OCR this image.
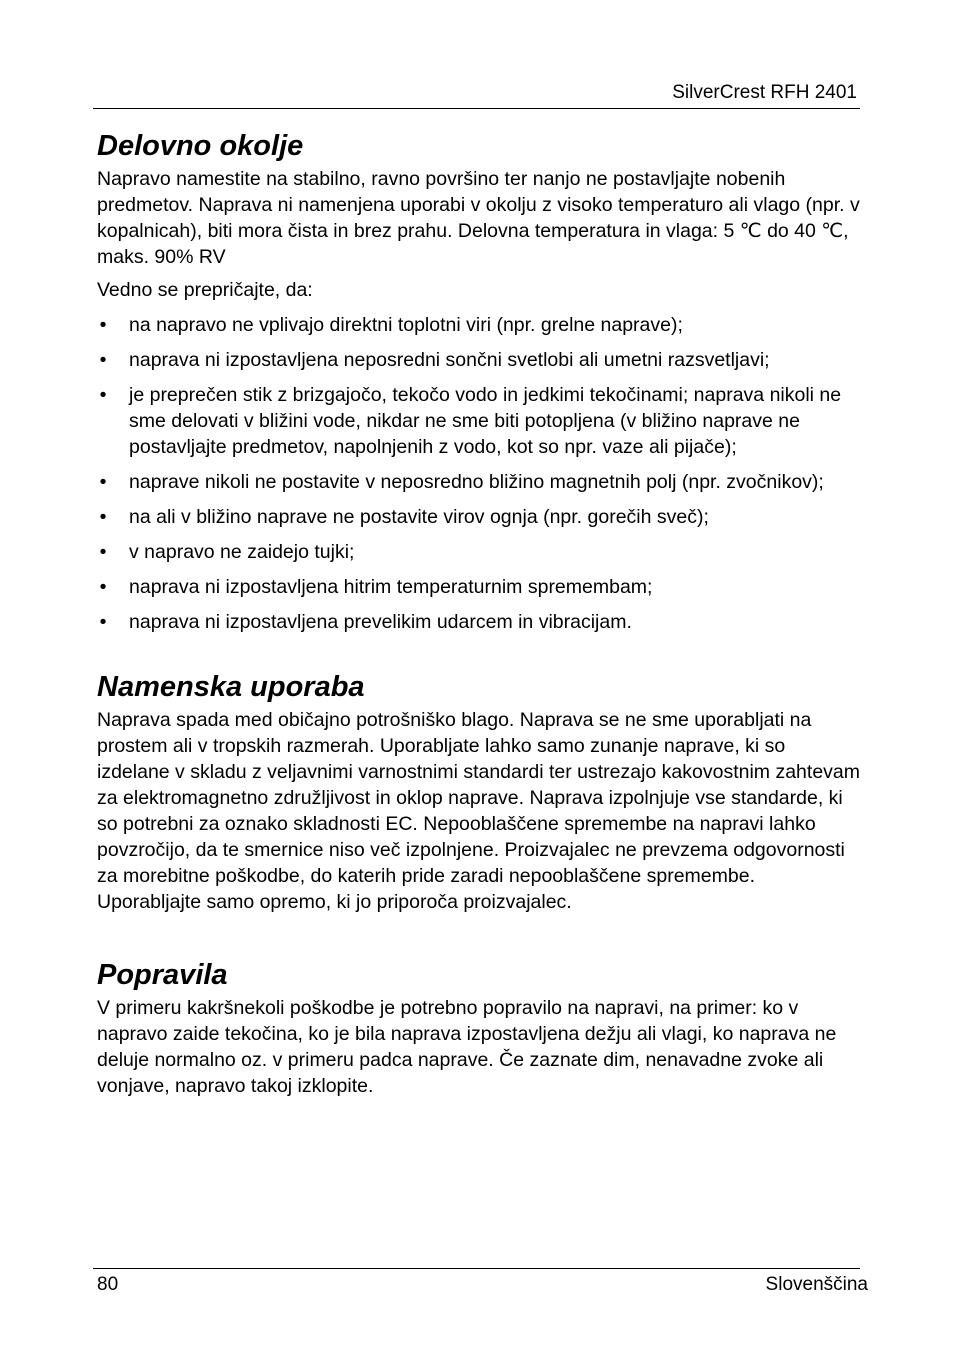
SilverCrest RFH 2401
Delovno okolje

Napravo namestite na stabilno, ravno površino ter nanjo ne postavljajte nobenih predmetov. Naprava ni namenjena uporabi v okolju z visoko temperaturo ali vlago (npr. v kopalnicah), biti mora čista in brez prahu. Delovna temperatura in vlaga: 5 ℃ do 40 ℃, maks. 90% RV

Vedno se prepričajte, da:

• na napravo ne vplivajo direktni toplotni viri (npr. grelne naprave);
• naprava ni izpostavljena neposredni sončni svetlobi ali umetni razsvetljavi;
• je preprečen stik z brizgajočo, tekočo vodo in jedkimi tekočinami; naprava nikoli ne sme delovati v bližini vode, nikdar ne sme biti potopljena (v bližino naprave ne postavljajte predmetov, napolnjenih z vodo, kot so npr. vaze ali pijače);
• naprave nikoli ne postavite v neposredno bližino magnetnih polj (npr. zvočnikov);
• na ali v bližino naprave ne postavite virov ognja (npr. gorečih sveč);
• v napravo ne zaidejo tujki;
• naprava ni izpostavljena hitrim temperaturnim spremembam;
• naprava ni izpostavljena prevelikim udarcem in vibracijam.
Namenska uporaba

Naprava spada med običajno potrošniško blago. Naprava se ne sme uporabljati na prostem ali v tropskih razmerah. Uporabljate lahko samo zunanje naprave, ki so izdelane v skladu z veljavnimi varnostnimi standardi ter ustrezajo kakovostnim zahtevam za elektromagnetno združljivost in oklop naprave. Naprava izpolnjuje vse standarde, ki so potrebni za oznako skladnosti EC. Nepooblaščene spremembe na napravi lahko povzročijo, da te smernice niso več izpolnjene. Proizvajalec ne prevzema odgovornosti za morebitne poškodbe, do katerih pride zaradi nepooblaščene spremembe. Uporabljajte samo opremo, ki jo priporoča proizvajalec.

Popravila

V primeru kakršnekoli poškodbe je potrebno popravilo na napravi, na primer: ko v napravo zaide tekočina, ko je bila naprava izpostavljena dežju ali vlagi, ko naprava ne deluje normalno oz. v primeru padca naprave. Če zaznate dim, nenavadne zvoke ali vonjave, napravo takoj izklopite.

80	Slovenščina
